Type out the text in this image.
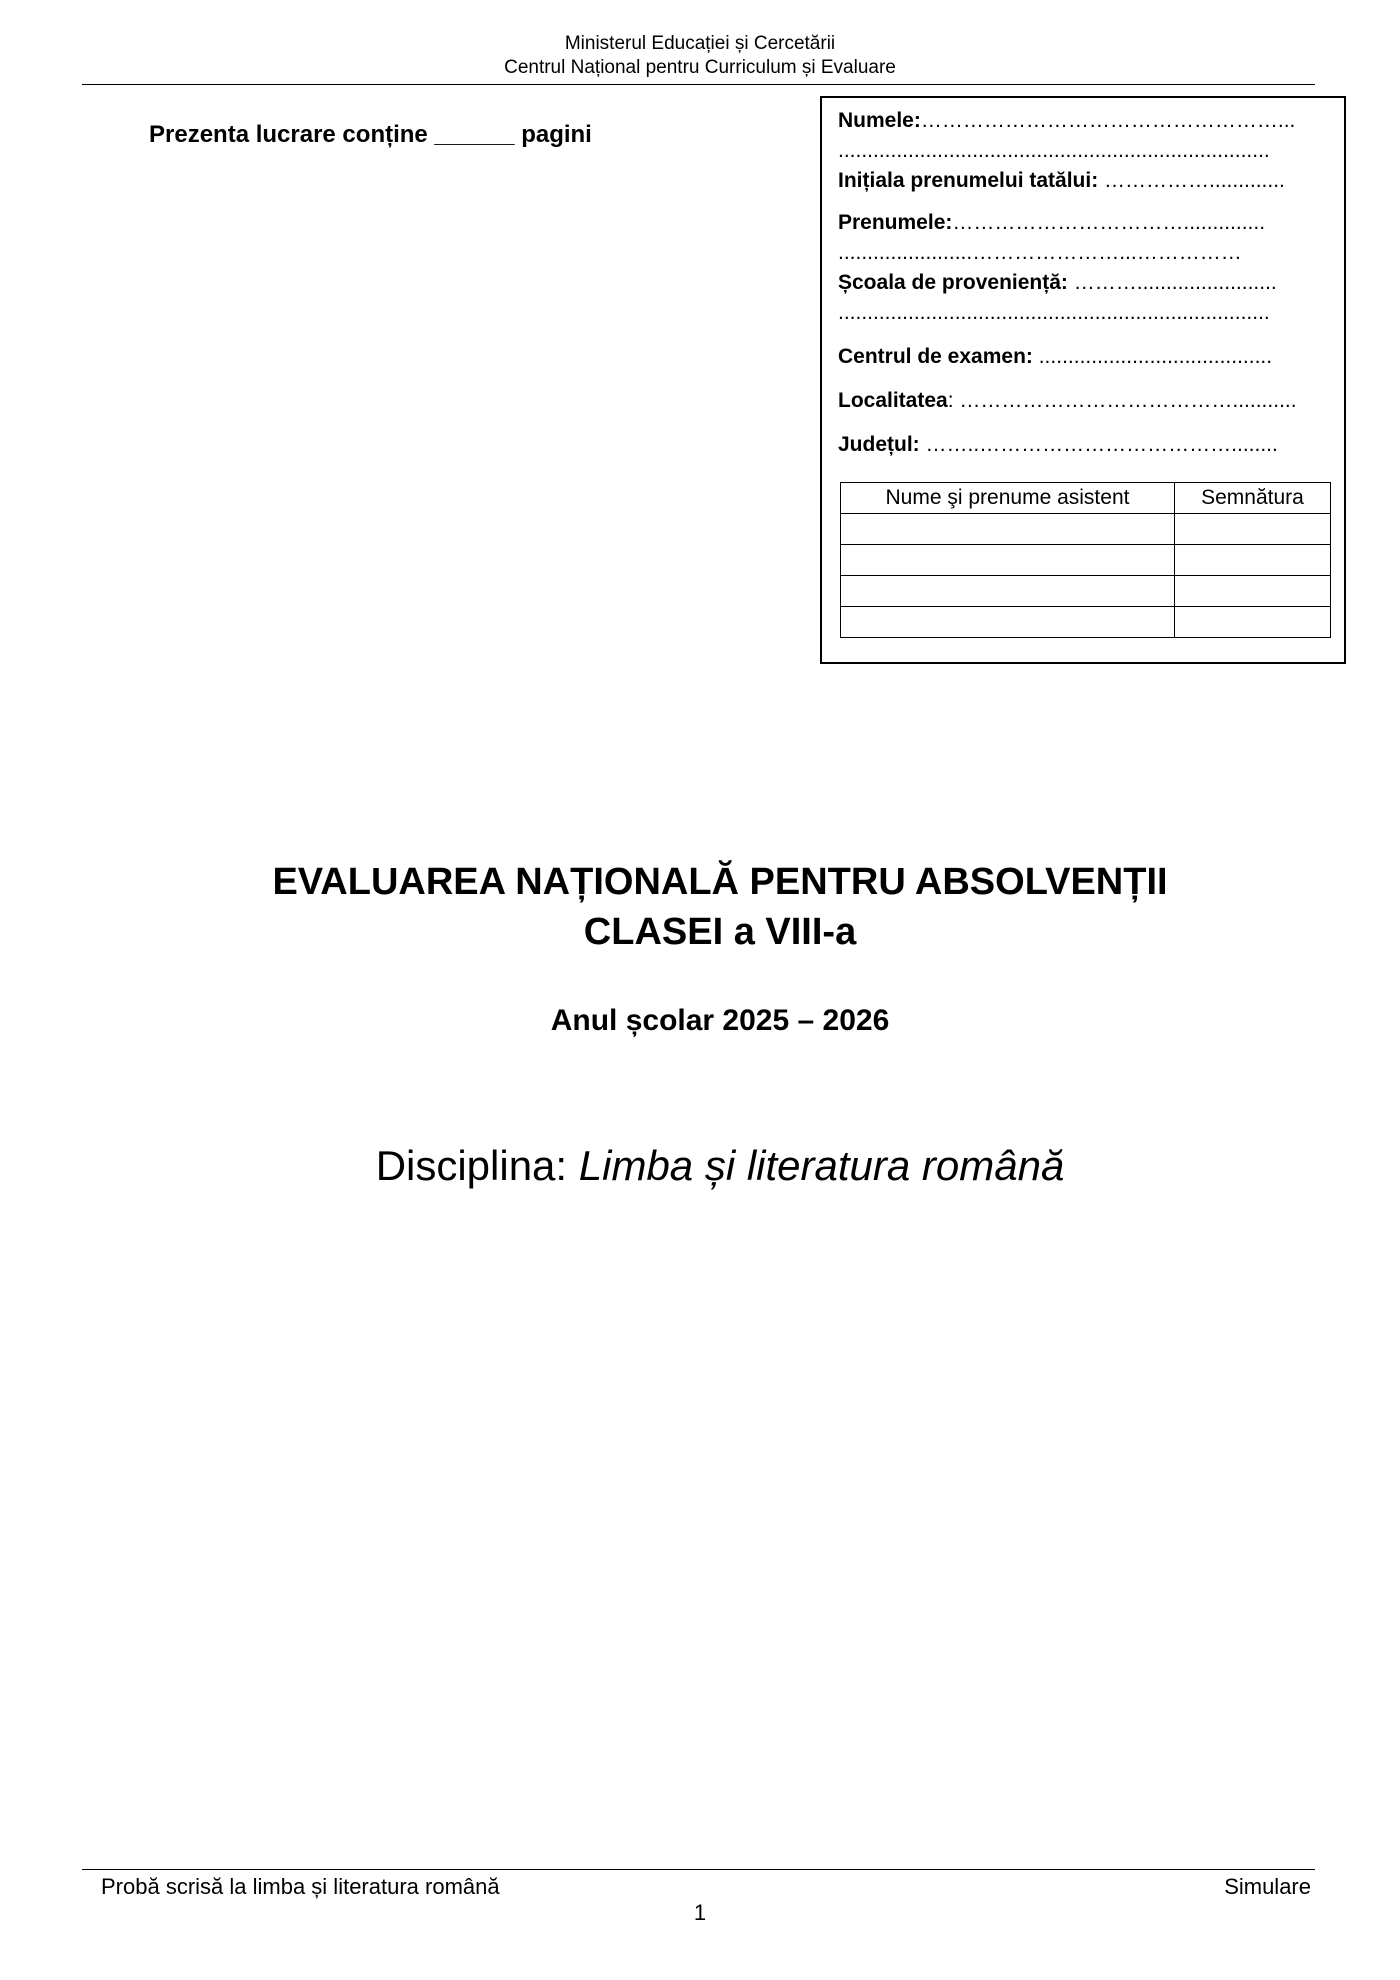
Ministerul Educației și Cercetării
Centrul Național pentru Curriculum și Evaluare
Prezenta lucrare conține ______ pagini
Numele:……………………………………………...
..........................................................................
Inițiala prenumelui tatălui: …………….............
Prenumele:……………………………..............
.......................…………………...……………
Școala de proveniență: ………........................
..........................................................................
Centrul de examen: ........................................
Localitatea: …………………………………...........
Județul: ……..………………………………........
Nume şi prenume asistent	Semnătura

EVALUAREA NAȚIONALĂ PENTRU ABSOLVENȚII
CLASEI a VIII-a
Anul școlar 2025 – 2026
Disciplina: Limba și literatura română
Probă scrisă la limba și literatura română	Simulare
1
